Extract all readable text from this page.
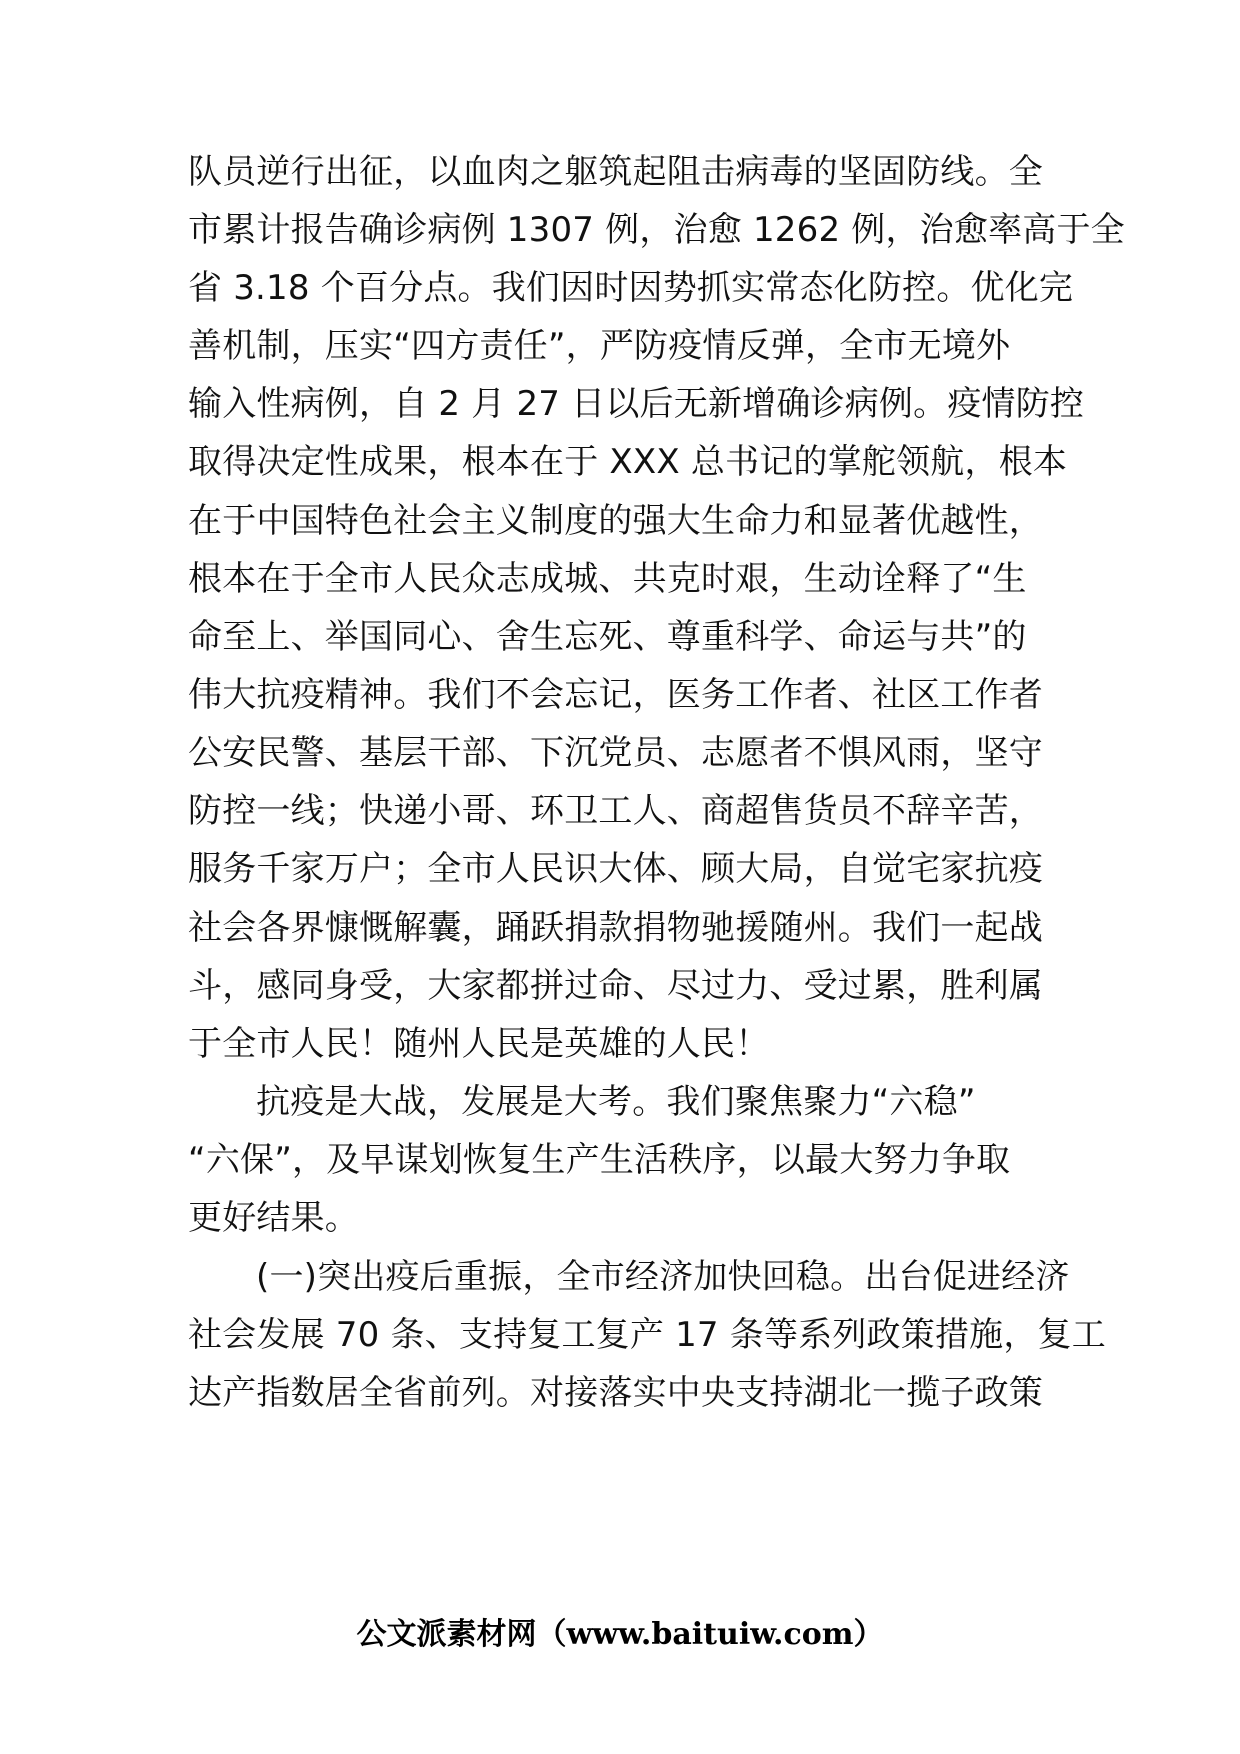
队员逆行出征，以血肉之躯筑起阻击病毒的坚固防线。全
市累计报告确诊病例 1307 例，治愈 1262 例，治愈率高于全
省 3.18 个百分点。我们因时因势抓实常态化防控。优化完
善机制，压实“四方责任”，严防疫情反弹，全市无境外
输入性病例，自 2 月 27 日以后无新增确诊病例。疫情防控
取得决定性成果，根本在于 XXX 总书记的掌舵领航，根本
在于中国特色社会主义制度的强大生命力和显著优越性，
根本在于全市人民众志成城、共克时艰，生动诠释了“生
命至上、举国同心、舍生忘死、尊重科学、命运与共”的
伟大抗疫精神。我们不会忘记，医务工作者、社区工作者
公安民警、基层干部、下沉党员、志愿者不惧风雨，坚守
防控一线；快递小哥、环卫工人、商超售货员不辞辛苦，
服务千家万户；全市人民识大体、顾大局，自觉宅家抗疫
社会各界慷慨解囊，踊跃捐款捐物驰援随州。我们一起战
斗，感同身受，大家都拼过命、尽过力、受过累，胜利属
于全市人民！随州人民是英雄的人民！
抗疫是大战，发展是大考。我们聚焦聚力“六稳”
“六保”，及早谋划恢复生产生活秩序，以最大努力争取
更好结果。
(一)突出疫后重振，全市经济加快回稳。出台促进经济
社会发展 70 条、支持复工复产 17 条等系列政策措施，复工
达产指数居全省前列。对接落实中央支持湖北一揽子政策
公文派素材网（www.baituiw.com）
